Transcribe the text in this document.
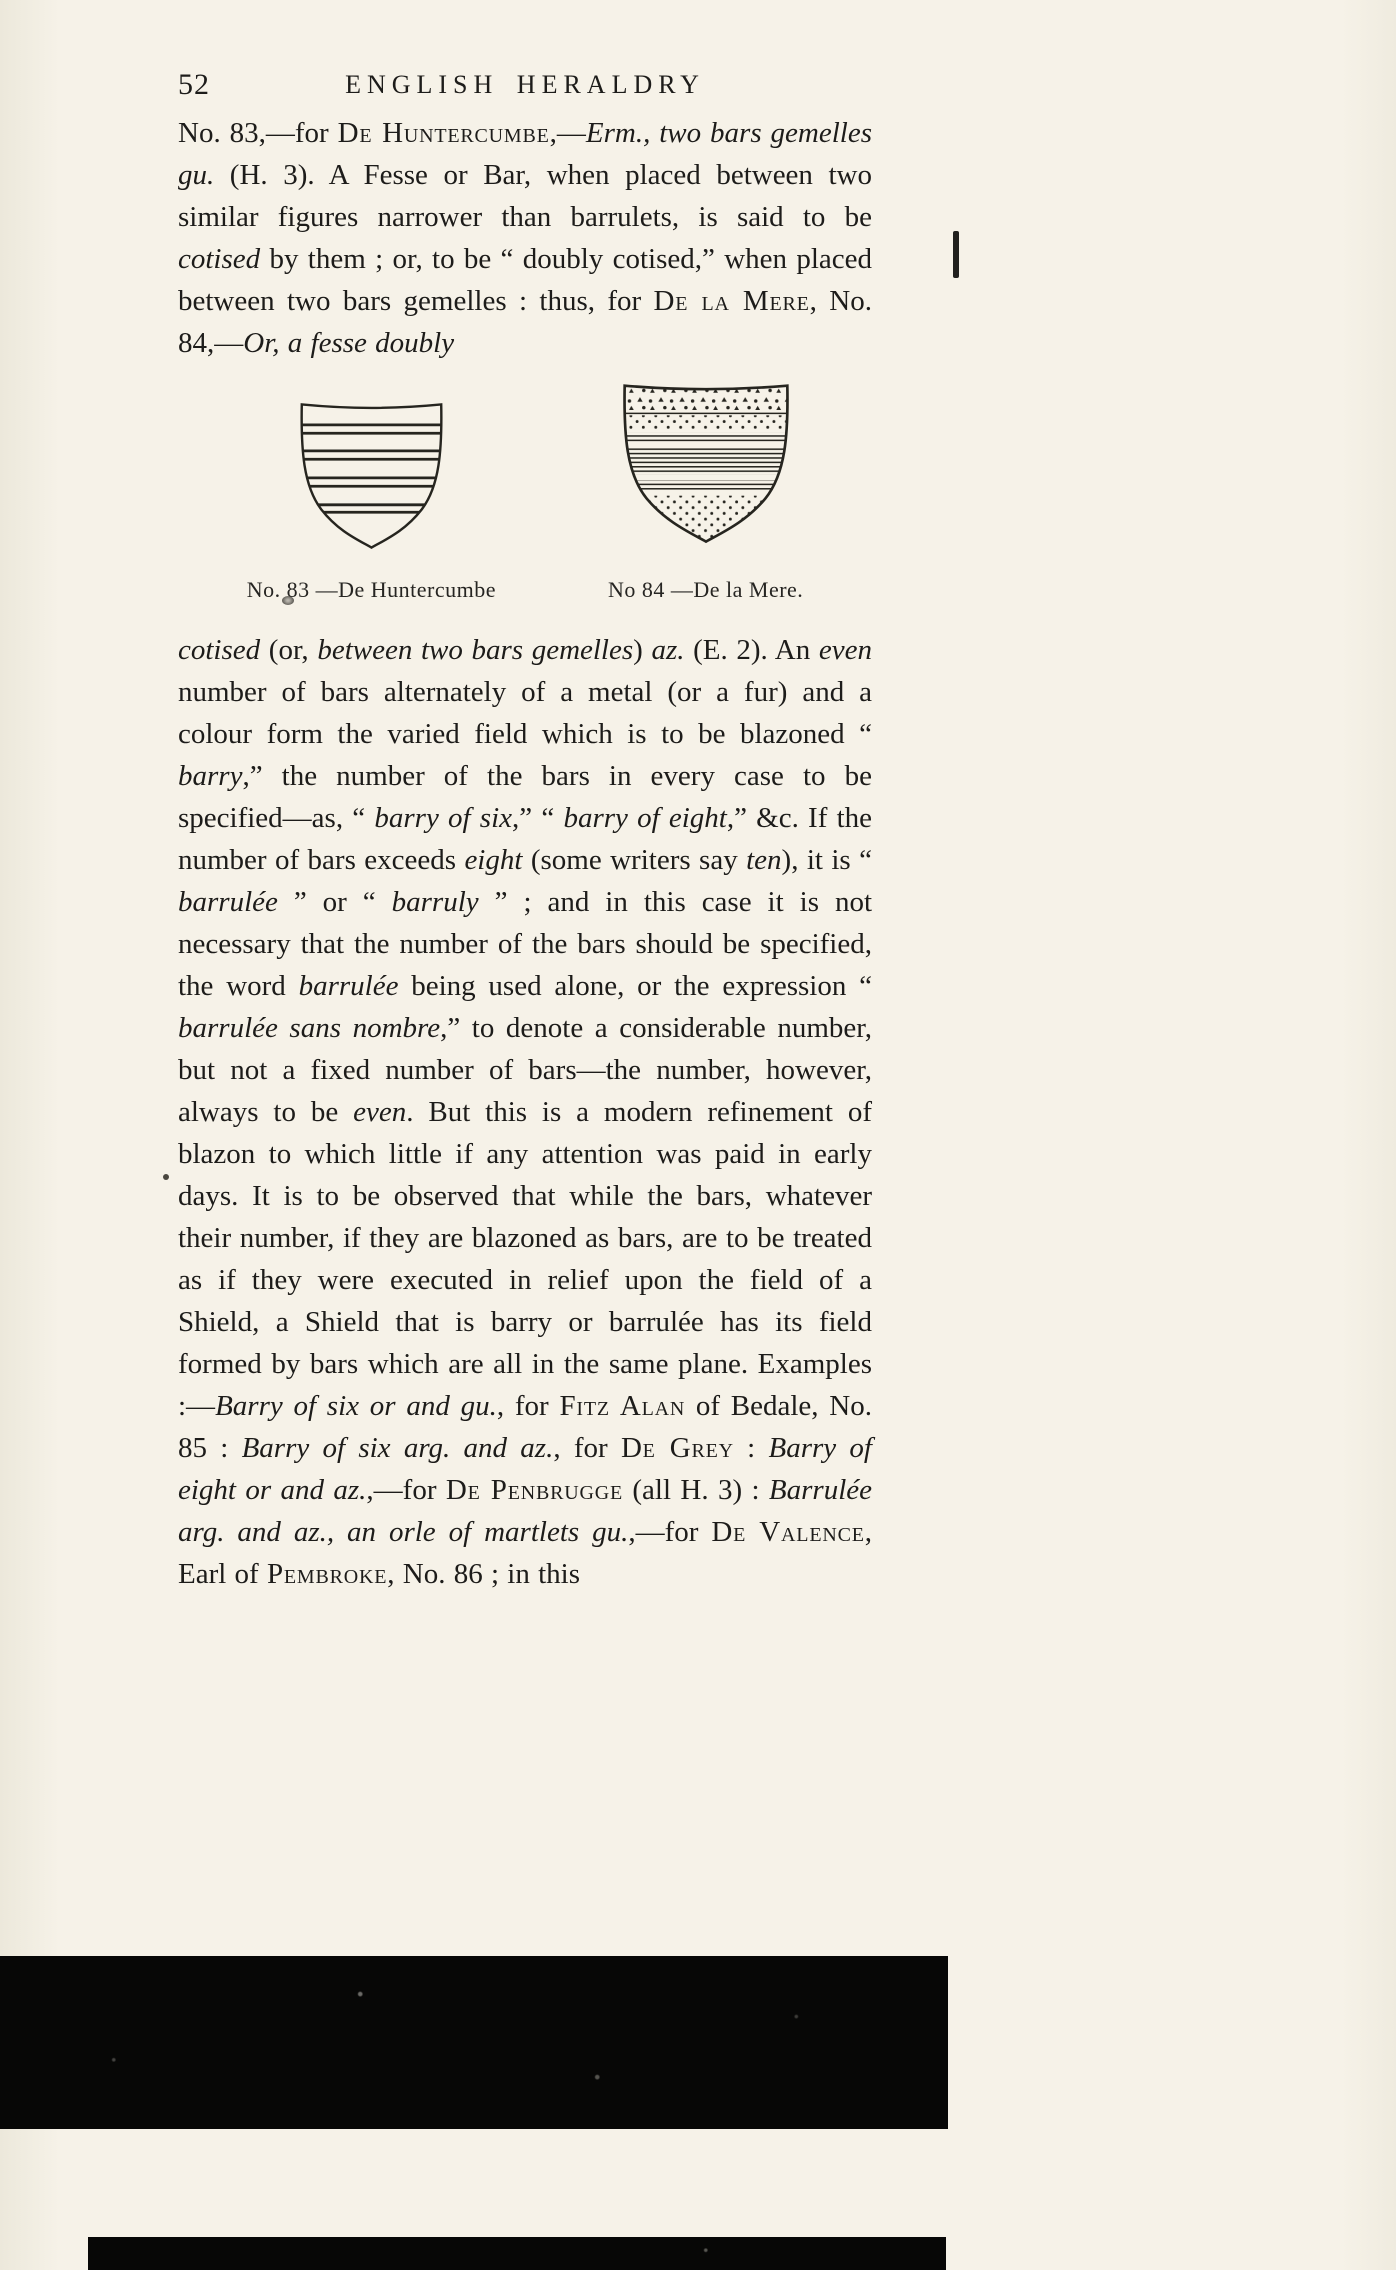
52	ENGLISH HERALDRY

No. 83,—for De Huntercumbe,—Erm., two bars gemelles gu. (H. 3). A Fesse or Bar, when placed between two similar figures narrower than barrulets, is said to be cotised by them ; or, to be “ doubly cotised,” when placed between two bars gemelles : thus, for De la Mere, No. 84,—Or, a fesse doubly

No. 83 —De Huntercumbe	No 84 —De la Mere.

cotised (or, between two bars gemelles) az. (E. 2). An even number of bars alternately of a metal (or a fur) and a colour form the varied field which is to be blazoned “ barry,” the number of the bars in every case to be specified—as, “ barry of six,” “ barry of eight,” &c. If the number of bars exceeds eight (some writers say ten), it is “ barrulée ” or “ barruly ” ; and in this case it is not necessary that the number of the bars should be specified, the word barrulée being used alone, or the expression “ barrulée sans nombre,” to denote a considerable number, but not a fixed number of bars—the number, however, always to be even. But this is a modern refinement of blazon to which little if any attention was paid in early days. It is to be observed that while the bars, whatever their number, if they are blazoned as bars, are to be treated as if they were executed in relief upon the field of a Shield, a Shield that is barry or barrulée has its field formed by bars which are all in the same plane. Examples :—Barry of six or and gu., for Fitz Alan of Bedale, No. 85 : Barry of six arg. and az., for De Grey : Barry of eight or and az.,—for De Penbrugge (all H. 3) : Barrulée arg. and az., an orle of martlets gu.,—for De Valence, Earl of Pembroke, No. 86 ; in this
